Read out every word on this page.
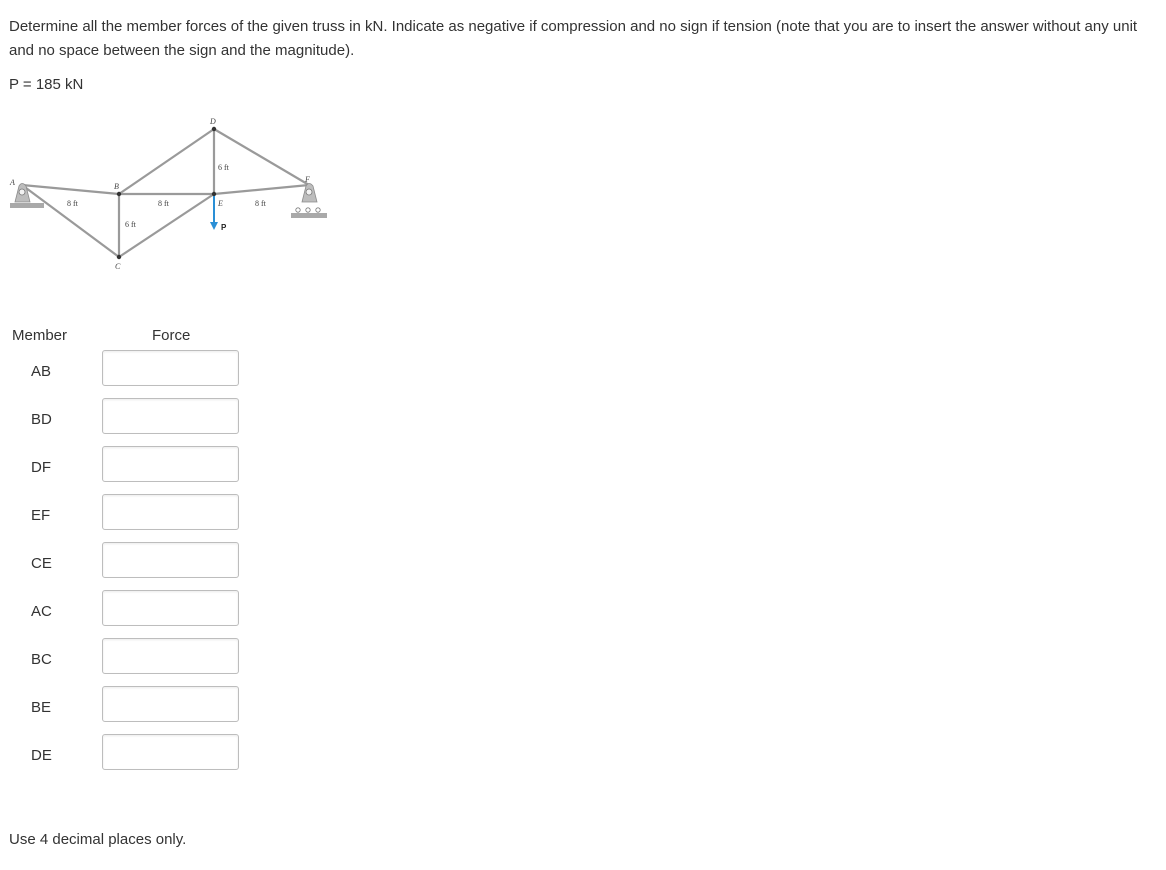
Determine all the member forces of the given truss in kN. Indicate as negative if compression and no sign if tension (note that you are to insert the answer without any unit and no space between the sign and the magnitude).

P = 185 kN

A	B
C
D
E
F
8 ft	8 ft	8 ft
6 ft
6 ft	P
Member	Force
AB
BD
DF
EF
CE
AC
BC
BE
DE
Use 4 decimal places only.
